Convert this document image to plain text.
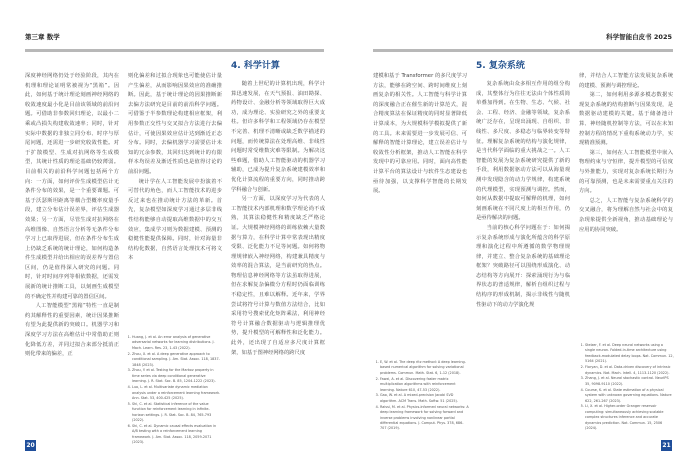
第三章 数学	科学智能白皮书 2025

深度神经网络仍处于经验阶段，其内在机理和理论证明常被视为“黑箱”。因此，如何基于统计理论刻画神经网络的收敛速度最小化是目前该领域的前沿问题。可借助非参数回归理论，以最小二乘或凸损失构建收敛速率；同时，针对实际中数据的非独立同分布、时序与厚尾问题，还需进一步研究收敛性能。对于扩散模型、生成对抗网络等生成模型，其统计性质的理论基础仍较薄弱。目前相关的前沿科学问题包括两个方向：一方面，如何评价生成模型估计无条件分布的效果，是一个重要课题。可基于沃瑟斯坦距离等耦合型概率度量手段，建立分布估计误差界，评估生成器效果；另一方面，尽管生成对抗网络在高维图像、自然语言分析等无条件分布学习上已取得进展，但在条件分布生成上仍缺乏系统的统计理论，如何构造条件生成模型并给出相应的误差界与置信区间，仍是值得深入研究的问题。同时，针对时间序列等相依数据，还需发展新的统计推断工具，以刻画生成模型的不确定性并构建可靠的置信区间。

人工智能模型“黑箱”特性一直是制约其解释性的重要因素，统计因果推断有望为此提供新的突破口。机器学习和深度学习方法在高维估计中常借助正则化降低方差，并同过拟合来部分抵消正则化带来的偏差，正

则化偏差和过拟合现象也可能使估计量产生偏差，从而影响因果效应的准确推断。因此，基于统计理论的因果推断新去偏方法研究是目前的前沿科学问题。可借鉴于半参数理论构建相应框架，利用参数正交性与交叉拟合方法进行去偏估计，可使因果效应估计达到渐近正态分布。同时，去偏机器学习需要估计未知的冗余参数，其回归达到统计的有限样本均误差及渐近性质也是值得讨论的前沿问题。

统计学在人工智能发展中扮演着不可替代的角色，而人工智能技术的进步反过来也在推动统计方法的革新。首先，复杂模型如深度学习通过多层非线性结构能够自动提取高维数据中的交互效应，集成学习则为数据建模、预测的稳健性能提供保障。同时，针对海量非结构化数据，自然语言处理技术可将文本

1. Huang, J. et al. An error analysis of generative adversarial networks for learning distributions. J. Mach. Learn. Res. 23, 1-43 (2022).
2. Zhou, X. et al. A deep generative approach to conditional sampling. J. Am. Stat. Assoc. 118, 1837-1848 (2023).
3. Zhou, Y. et al. Testing for the Markov property in time series via deep conditional generative learning. J. R. Stat. Soc. B. 85, 1204-1222 (2023).
4. Luo, L. et al. Multivariate dynamic mediation analysis under a reinforcement learning framework. Ann. Stat. 53, 400-425 (2025).
5. Shi, C. et al. Statistical inference of the value function for reinforcement learning in infinite-horizon settings. J. R. Stat. Soc. B. 84, 765-793 (2022).
6. Shi, C. et al. Dynamic causal effects evaluation in A/B testing with a reinforcement learning framework. J. Am. Stat. Assoc. 118, 2059-2071 (2023).
4. 科学计算

随着上世纪的计算机出现，科学计算迅速发展，在天气预报、油田勘探、药物设计、金融分析等领域取得巨大成功，成为理论、实验研究之外的重要支柱。但许多科学和工程领域仍存在模型不完善、机理不清晰或缺乏数学描述的问题，而传统算法在处理高维、非线性问题时常受维数灾难等限制。为解决这些难题，借助人工智能驱动的机器学习辅助，已成为提升复杂系统建模效率和优化计算流程的重要方向，同时推动跨学科融合与创新。

另一方面，以深度学习为代表的人工智能技术内部机理和数学理论尚不成熟，其算法稳健性和精度缺乏严格论证。大规模神经网络的训练依赖大量数据与算力，在科学计算中常表现出精度受限、泛化能力不足等问题。如何将物理规律嵌入神经网络，构建兼具精度与效率的混合算法，是当前研究的热点。物理信息神经网络等方法虽取得进展，但在求解复杂偏微分方程时仍面临训练不稳定性，且难以解释。近年来，学界尝试将符号计算与数值方法结合，比如采用符号搜索优化矩阵乘法，利用神经符号计算融合数据驱动与逻辑推理优势，提升模型的可解释性和泛化能力。此外，还出现了自适应多尺度计算框架，如基于图神经网络的跨尺度

20

建模和基于 Transformer 的多尺度学习方法，能够在跨空间、跨时间维度上刻画复杂的相关性。人工智能与科学计算的深度融合正在催生新的计算范式，混合精度算法在保证精度的同时显著降低计算成本，为大规模科学模拟提供了新的工具。未来需要进一步发展可信、可解释的智能计算理论，建立误差估计与收敛性分析框架，推动人工智能在科学发现中的可靠应用。同时，面向高性能计算平台的算法设计与软件生态建设也亟待加强，以支撑科学智能的长期发展。

1. E, W. et al. The deep ritz method: A deep learning-based numerical algorithm for solving variational problems. Commun. Math. Stat. 6, 1-12 (2018).
2. Fawzi, A. et al. Discovering faster matrix multiplication algorithms with reinforcement learning. Nature 610, 47-53 (2022).
3. Gao, W. et al. A mixed-precision Jacobi SVD algorithm. ACM Trans. Math. Softw. 51 (2025).
4. Raissi, M. et al. Physics-informed neural networks: A deep learning framework for solving forward and inverse problems involving nonlinear partial differential equations. J. Comput. Phys. 378, 686-707 (2019).
5. 复杂系统

复杂系统由众多相互作用的组分构成，其整体行为往往无法由个体性质简单叠加得到。在生物、生态、气候、社会、工程、经济、金融等领域，复杂系统广泛存在，呈现出涌现、自组织、非线性、多尺度、多稳态与临界转变等特征。理解复杂系统的结构与演化规律，是当代科学面临的重大挑战之一。人工智能的发展为复杂系统研究提供了新的手段，利用数据驱动方法可以从海量观测中发现隐含的动力学规律，构建系统的代理模型，实现预测与调控。然而，如何从数据中提取可解释的机理，如何刻画系统在不同尺度上的相互作用，仍是亟待解决的问题。

当前的核心科学问题在于：如何揭示复杂系统形成与演化所蕴含的科学原理和演化过程中所遵循的数学物理规律，并建立、整合复杂系统的基础理论框架？突破路径可以围绕形成演化、动态结构等方向展开：探索涌现行为与临界状态的普适规律，解析自组织过程与结构序的形成机制，揭示非线性与随机性驱动下的动力学演化规

律，并结合人工智能方法发展复杂系统的建模、预测与调控理论。

第二，如何利用多源多模态数据实现复杂系统的结构推断与因果发现，是数据驱动建模的关键。基于储备池计算、神经随机控制等方法，可以在未知控制方程的情况下重构系统动力学，实现精准预测。

第三，如何在人工智能模型中嵌入物理约束与守恒律，提升模型的可信度与外推能力，实现对复杂系统长期行为的可靠预测，也是未来需要重点关注的方向。

总之，人工智能与复杂系统科学的交叉融合，将为理解自然与社会中的复杂现象提供全新视角，推动基础理论与应用的协同突破。

1. Stelzer, F. et al. Deep neural networks using a single neuron. Folded-in-time architecture using feedback-modulated delay loops. Nat. Commun. 12, 5164 (2021).
2. Floryan, D. et al. Data-driven discovery of intrinsic dynamics. Nat. Mach. Intell. 4, 1113-1120 (2022).
3. Zhang, J. et al. Neural stochastic control. NeurIPS 35, 9098-9110 (2022).
4. Course, K. et al. State estimation of a physical system with unknown governing equations. Nature 622, 261-267 (2023).
5. Li, X. et al. Higher-order Granger reservoir computing: simultaneously achieving scalable complex structures inference and accurate dynamics prediction. Nat. Commun. 15, 2506 (2024).
21
